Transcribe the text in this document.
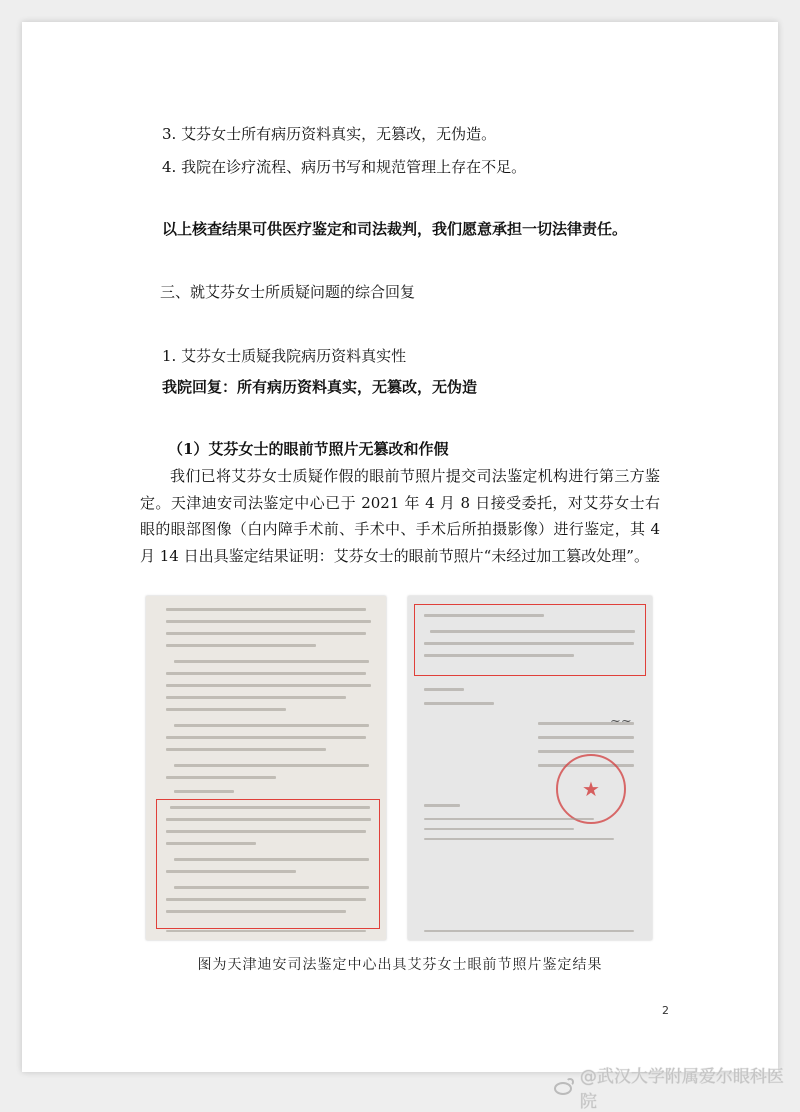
3. 艾芬女士所有病历资料真实，无篡改，无伪造。
4. 我院在诊疗流程、病历书写和规范管理上存在不足。
以上核查结果可供医疗鉴定和司法裁判，我们愿意承担一切法律责任。
三、就艾芬女士所质疑问题的综合回复
1. 艾芬女士质疑我院病历资料真实性
我院回复：所有病历资料真实，无篡改，无伪造
（1）艾芬女士的眼前节照片无篡改和作假
我们已将艾芬女士质疑作假的眼前节照片提交司法鉴定机构进行第三方鉴定。天津迪安司法鉴定中心已于 2021 年 4 月 8 日接受委托，对艾芬女士右眼的眼部图像（白内障手术前、手术中、手术后所拍摄影像）进行鉴定，其 4 月 14 日出具鉴定结果证明：艾芬女士的眼前节照片“未经过加工篡改处理”。
~~
★
图为天津迪安司法鉴定中心出具艾芬女士眼前节照片鉴定结果
2
@武汉大学附属爱尔眼科医院
